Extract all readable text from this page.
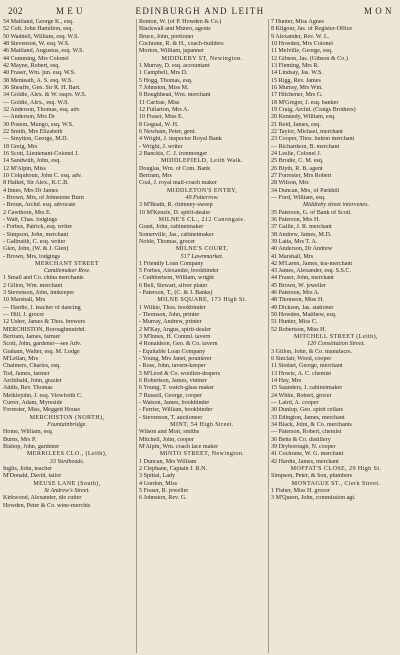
202	M E U	EDINBURGH AND LEITH	M O N
54 Maitland, George K., esq.
52 Colt, John Hamilton, esq.
50 Waddell, William, esq. W.S.
48 Stevenson, W. esq. W.S.
46 Maitland, Augustus, esq. W.S.
44 Cumming, Mrs Colonel
42 Mayne, Robert, esq.
40 Fraser, Wm. jun. esq. W.S.
38 Menteath, A. S. esq. W.S.
36 Sheaffe, Gen. Sir R. H. Bart.
34 Goldie, Alex. & W. esqrs. W.S.
— Goldie, Alex., esq. W.S.
32 Anderson, Thomas, esq. adv.
— Anderson, Mrs Dr
30 Poston, Mungo, esq. W.S.
22 Smith, Mrs Elizabeth
— Smytton, George, M.D.
18 Greig, Mrs
16 Scott, Lieutenant-Colonel J.
14 Sandwith, John, esq.
12 M'Alpin, Miss
10 Colquhoun, John C. esq. adv.
8 Halket, Sir Alex., K.C.B.
4 Innes, Mrs Dr James
- Brown, Mrs, of Johnstone Burn
- Broun, Archd. esq. advocate
2 Cawthorn, Mrs E.
- Watt, Chas. lodgings
- Forbes, Patrick, esq. writer
- Simpson, John, merchant
- Galbraith, C. esq. writer
Glen, John, (W. & J. Glen)
- Brown, Mrs, lodgings
MERCHANT STREET
Candlemaker Row.
1 Small and Co. china merchants
2 Gillon, Wm. merchant
3 Stevenson, John, innkeeper
10 Marshall, Mrs
— Hardie, J. teacher of dancing
— Hill, J. grocer
12 Usher, James & Thos. brewers
MERCHISTON, Boroughmuirhd.
Bertram, James, farmer
Scott, John, gardener—see Adv.
Graham, Walter, esq. M. Lodge
M'Lellan, Mrs
Chalmers, Charles, esq.
Tod, James, farmer
Archibald, John, grazier
Addis, Rev. Thomas
Meiklejohn, J. esq. Viewforth C.
Currer, Adam, Myreside
Forrester, Miss, Meggett House
MERCHISTON (NORTH),
Fountainbridge.
Home, William, esq.
Burns, Mrs P.
Bishop, John, gardener
MERRILEES CLO., (Leith),
33 Yardheads.
Inglis, John, teacher
M'Donald, David, tailor
MEUSE LANE (South),
St Andrew's Street.
Kirkwood, Alexander, die cutter
Howden, Peter & Co. wine-merchts
Renton, W. (of P. Howden & Co.)
Blackwall and Munro, agents
Bruce, John, portioner
Cochrane, R. & H., coach-builders
Morton, William, japanner
MIDDLEBY ST, Newington.
1 Murray, D. esq. accountant
1 Campbell, Mrs D.
5 Hogg, Thomas, esq.
7 Johnston, Miss M.
9 Boughhead, Wm. merchant
11 Carfrae, Miss
12 Fullarton, Mrs A.
10 Fraser, Miss E.
8 Gogual, W. H.
6 Newham, Peter, gent.
4 Wright, J. inspector Royal Bank
- Wright, J. writer
2 Banckis, C. J. ironmonger
MIDDLEFIELD, Leith Walk.
Douglas, Wm. of Com. Bank
Bertram, Mrs
Coal, J. royal mail-coach maker
MIDDLETON'S ENTRY,
49 Potterrow.
3 M'Beath, R. chimney-sweep
10 M'Kenzie, D. spirit-dealer
MILNE'S CL., 212 Canongate.
Grant, John, cabinetmaker
Somerville, Jas., cabinetmaker
Noble, Thomas, grocer
MILNE'S COURT,
517 Lawnmarket.
1 Friendly Loan Company
5 Forbes, Alexander, bookbinder
- Cuthbertson, William, wright
6 Bell, Stewart, silver plater
- Paterson, T., (C. & J. Banks)
MILNE SQUARE, 173 High St.
1 Wilkie, Thos. bookbinder
- Thomson, John, printer
- Murray, Andrew, printer
2 M'Kay, Angus, spirit-dealer
3 M'Innes, H. Comml. tavern
4 Ronaldson, Geo. & Co. tavern
- Equitable Loan Company
- Young, Mrs Janet, pounterer
- Ross, John, tavern-keeper
5 M'Leod & Co. woollen-drapers
6 Robertson, James, vintner
6 Young, T. watch-glass maker
7 Russell, George, cooper
- Watson, James, bookbinder
- Ferrier, William, bookbinder
- Stevenson, T. auctioneer
MINT, 54 High Street.
Wilson and Moir, smiths
Mitchell, John, cooper
M'Alpin, Wm. coach lace maker
MINTO STREET, Newington.
1 Duncan, Mrs William
2 Clephane, Captain J. R.N.
3 Spittal, Lady
4 Gordon, Miss
5 Fraser, R. jeweller
6 Johnston, Rev. G.
7 Hunter, Miss Agnes
8 Kilgour, Jas. of Register-Office
9 Alexander, Rev. W. L.
10 Howden, Mrs Colonel
11 Melville, George, esq.
12 Gibson, Jas. (Gibson & Co.)
13 Fleming, Mrs R.
14 Lindsay, Jas. W.S.
15 Rigg, Rev. James
16 Murray, Mrs Wm.
17 Hitchener, Mrs G.
18 M'Gregor, J. esq. banker
19 Craig, Archd. (Craigs Brothers)
20 Kennedy, William, esq.
21 Reid, James, esq.
22 Taylor, Michael, merchant
23 Cooper, Thos. button merchant
— Richardson, B. merchant
24 Leslie, Colonel J.
25 Brodie, C. M. esq.
26 Blyth, R. B. agent
27 Forrester, Mrs Robert
28 Wilson, Mrs
34 Duncan, Mrs, of Parkhill
— Ford, William, esq.
Middleby street intervenes.
35 Paterson, G. of Bank of Scotl.
36 Paterson, Mrs H.
37 Gallie, J. R. merchant
38 Andrew, James, M.D.
39 Latta, Mrs T. A.
40 Anderson, Dr Andrew
41 Marshall, Mrs
42 M'Laren, James, tea-merchant
43 James, Alexander, esq. S.S.C.
44 Fraser, John, merchant
45 Brown, W. jeweller
46 Paterson, Mrs A.
48 Thomson, Miss H.
49 Dickson, Jas. stationer
50 Howden, Matthew, esq.
51 Hunter, Miss C.
52 Robertson, Miss H.
MITCHELL STREET (Leith),
120 Constitution Street.
3 Gillon, John, & Co. manufacrs.
6 Sinclair, Wood, cooper
11 Stodart, George, merchant
13 Howie, A. C. chemist
14 Hay, Mrs
15 Saunders, J. cabinetmaker
24 White, Robert, grocer
— Laird, A. cooper
30 Dunlop, Geo. spirit cellars
33 Edington, James, merchant
34 Black, John, & Co. merchants
— Paterson, Robert, chemist
36 Betts & Co. distillery
39 Dryborough, N. cooper
41 Cochrane, W. G. merchant
42 Hardie, James, merchant
MOFFAT'S CLOSE, 29 High St.
Simpson, Peter, & Son, plumbers
MONTAGUE ST., Clerk Street.
1 Fisher, Miss H. grocer
3 M'Queen, John, commission agt.
